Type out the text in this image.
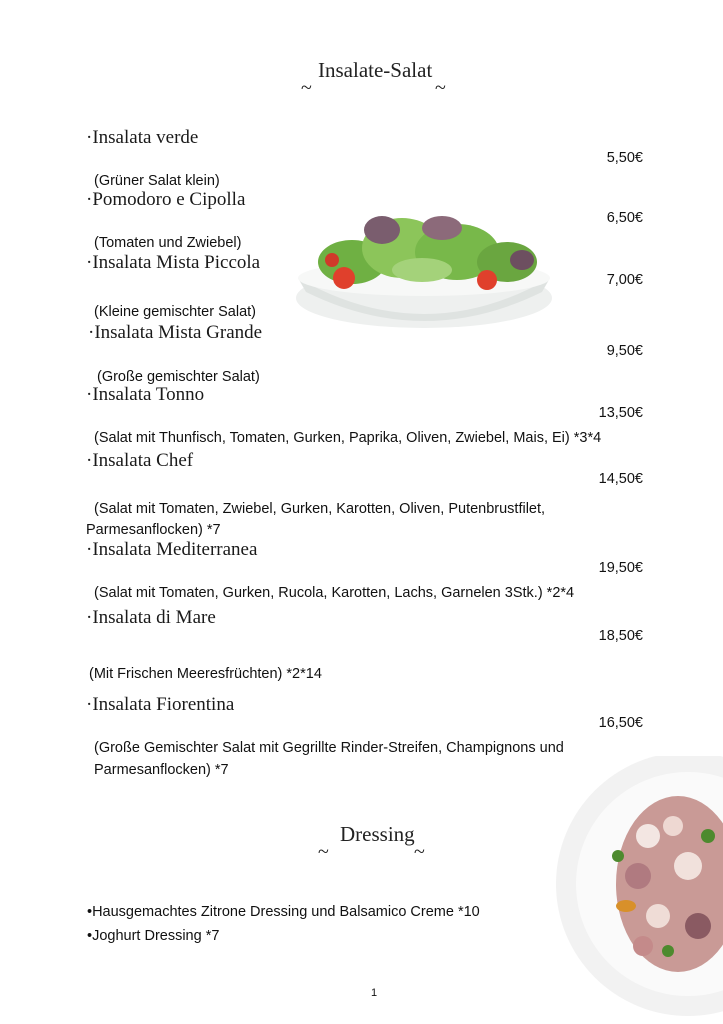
Insalate-Salat
~	~
·Insalata verde
5,50€
(Grüner Salat klein)
·Pomodoro e Cipolla
6,50€
(Tomaten und Zwiebel)
·Insalata Mista Piccola
7,00€
(Kleine gemischter Salat)
·Insalata Mista Grande
9,50€
(Große gemischter Salat)
·Insalata Tonno
13,50€
(Salat mit Thunfisch, Tomaten, Gurken, Paprika, Oliven, Zwiebel, Mais, Ei) *3*4
·Insalata Chef
14,50€
(Salat mit Tomaten, Zwiebel, Gurken, Karotten, Oliven, Putenbrustfilet,
Parmesanflocken) *7
·Insalata Mediterranea
19,50€
(Salat mit Tomaten, Gurken, Rucola, Karotten, Lachs, Garnelen 3Stk.) *2*4
·Insalata di Mare
18,50€
(Mit Frischen Meeresfrüchten) *2*14
·Insalata Fiorentina
16,50€
(Große Gemischter Salat mit Gegrillte Rinder-Streifen, Champignons und
Parmesanflocken) *7
Dressing
~	~
•Hausgemachtes Zitrone Dressing und Balsamico Creme *10
•Joghurt Dressing *7
1
